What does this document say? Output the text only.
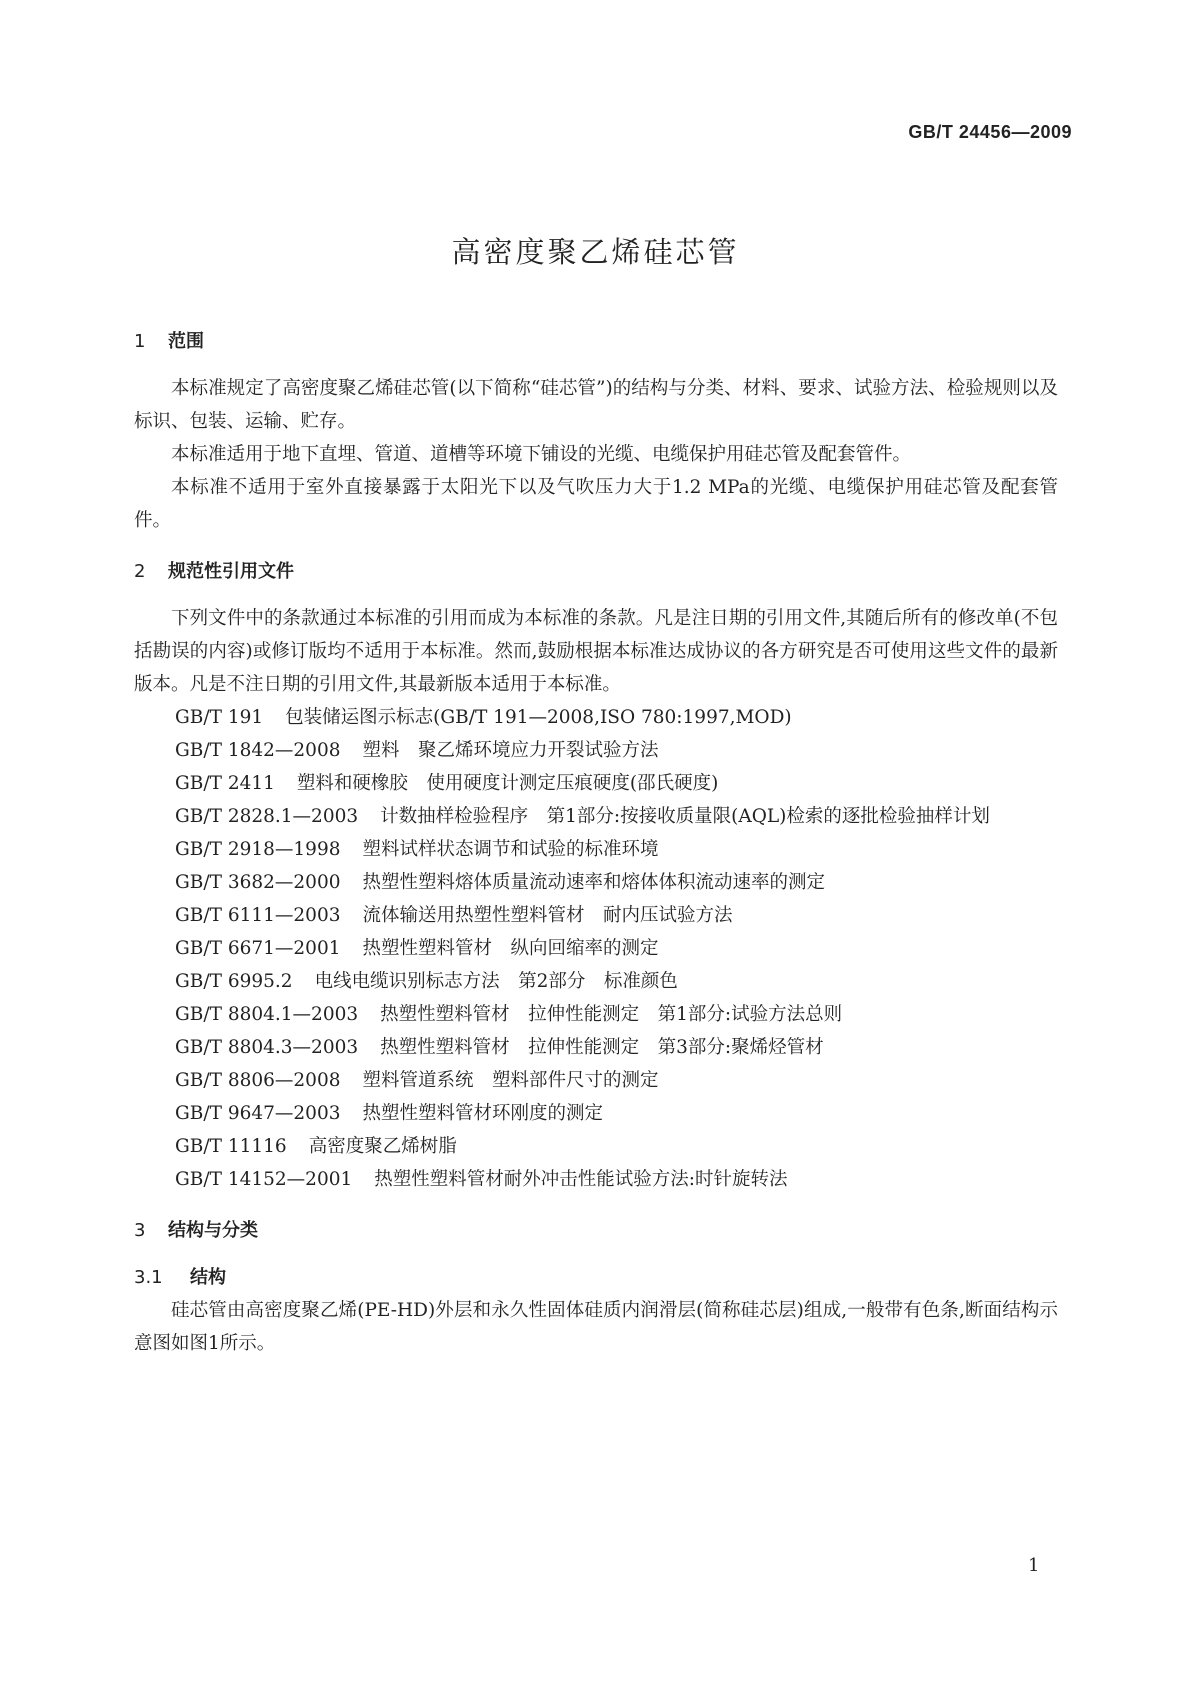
GB/T 24456—2009
高密度聚乙烯硅芯管
1 范围

本标准规定了高密度聚乙烯硅芯管(以下简称“硅芯管”)的结构与分类、材料、要求、试验方法、检验规则以及标识、包装、运输、贮存。

本标准适用于地下直埋、管道、道槽等环境下铺设的光缆、电缆保护用硅芯管及配套管件。

本标准不适用于室外直接暴露于太阳光下以及气吹压力大于1.2 MPa的光缆、电缆保护用硅芯管及配套管件。

2 规范性引用文件

下列文件中的条款通过本标准的引用而成为本标准的条款。凡是注日期的引用文件,其随后所有的修改单(不包括勘误的内容)或修订版均不适用于本标准。然而,鼓励根据本标准达成协议的各方研究是否可使用这些文件的最新版本。凡是不注日期的引用文件,其最新版本适用于本标准。

GB/T 191 包装储运图示标志(GB/T 191—2008,ISO 780:1997,MOD)

GB/T 1842—2008 塑料　聚乙烯环境应力开裂试验方法

GB/T 2411 塑料和硬橡胶　使用硬度计测定压痕硬度(邵氏硬度)

GB/T 2828.1—2003 计数抽样检验程序　第1部分:按接收质量限(AQL)检索的逐批检验抽样计划

GB/T 2918—1998 塑料试样状态调节和试验的标准环境

GB/T 3682—2000 热塑性塑料熔体质量流动速率和熔体体积流动速率的测定

GB/T 6111—2003 流体输送用热塑性塑料管材　耐内压试验方法

GB/T 6671—2001 热塑性塑料管材　纵向回缩率的测定

GB/T 6995.2 电线电缆识别标志方法　第2部分　标准颜色

GB/T 8804.1—2003 热塑性塑料管材　拉伸性能测定　第1部分:试验方法总则

GB/T 8804.3—2003 热塑性塑料管材　拉伸性能测定　第3部分:聚烯烃管材

GB/T 8806—2008 塑料管道系统　塑料部件尺寸的测定

GB/T 9647—2003 热塑性塑料管材环刚度的测定

GB/T 11116 高密度聚乙烯树脂

GB/T 14152—2001 热塑性塑料管材耐外冲击性能试验方法:时针旋转法

3 结构与分类
3.1 结构

硅芯管由高密度聚乙烯(PE-HD)外层和永久性固体硅质内润滑层(简称硅芯层)组成,一般带有色条,断面结构示意图如图1所示。

1
